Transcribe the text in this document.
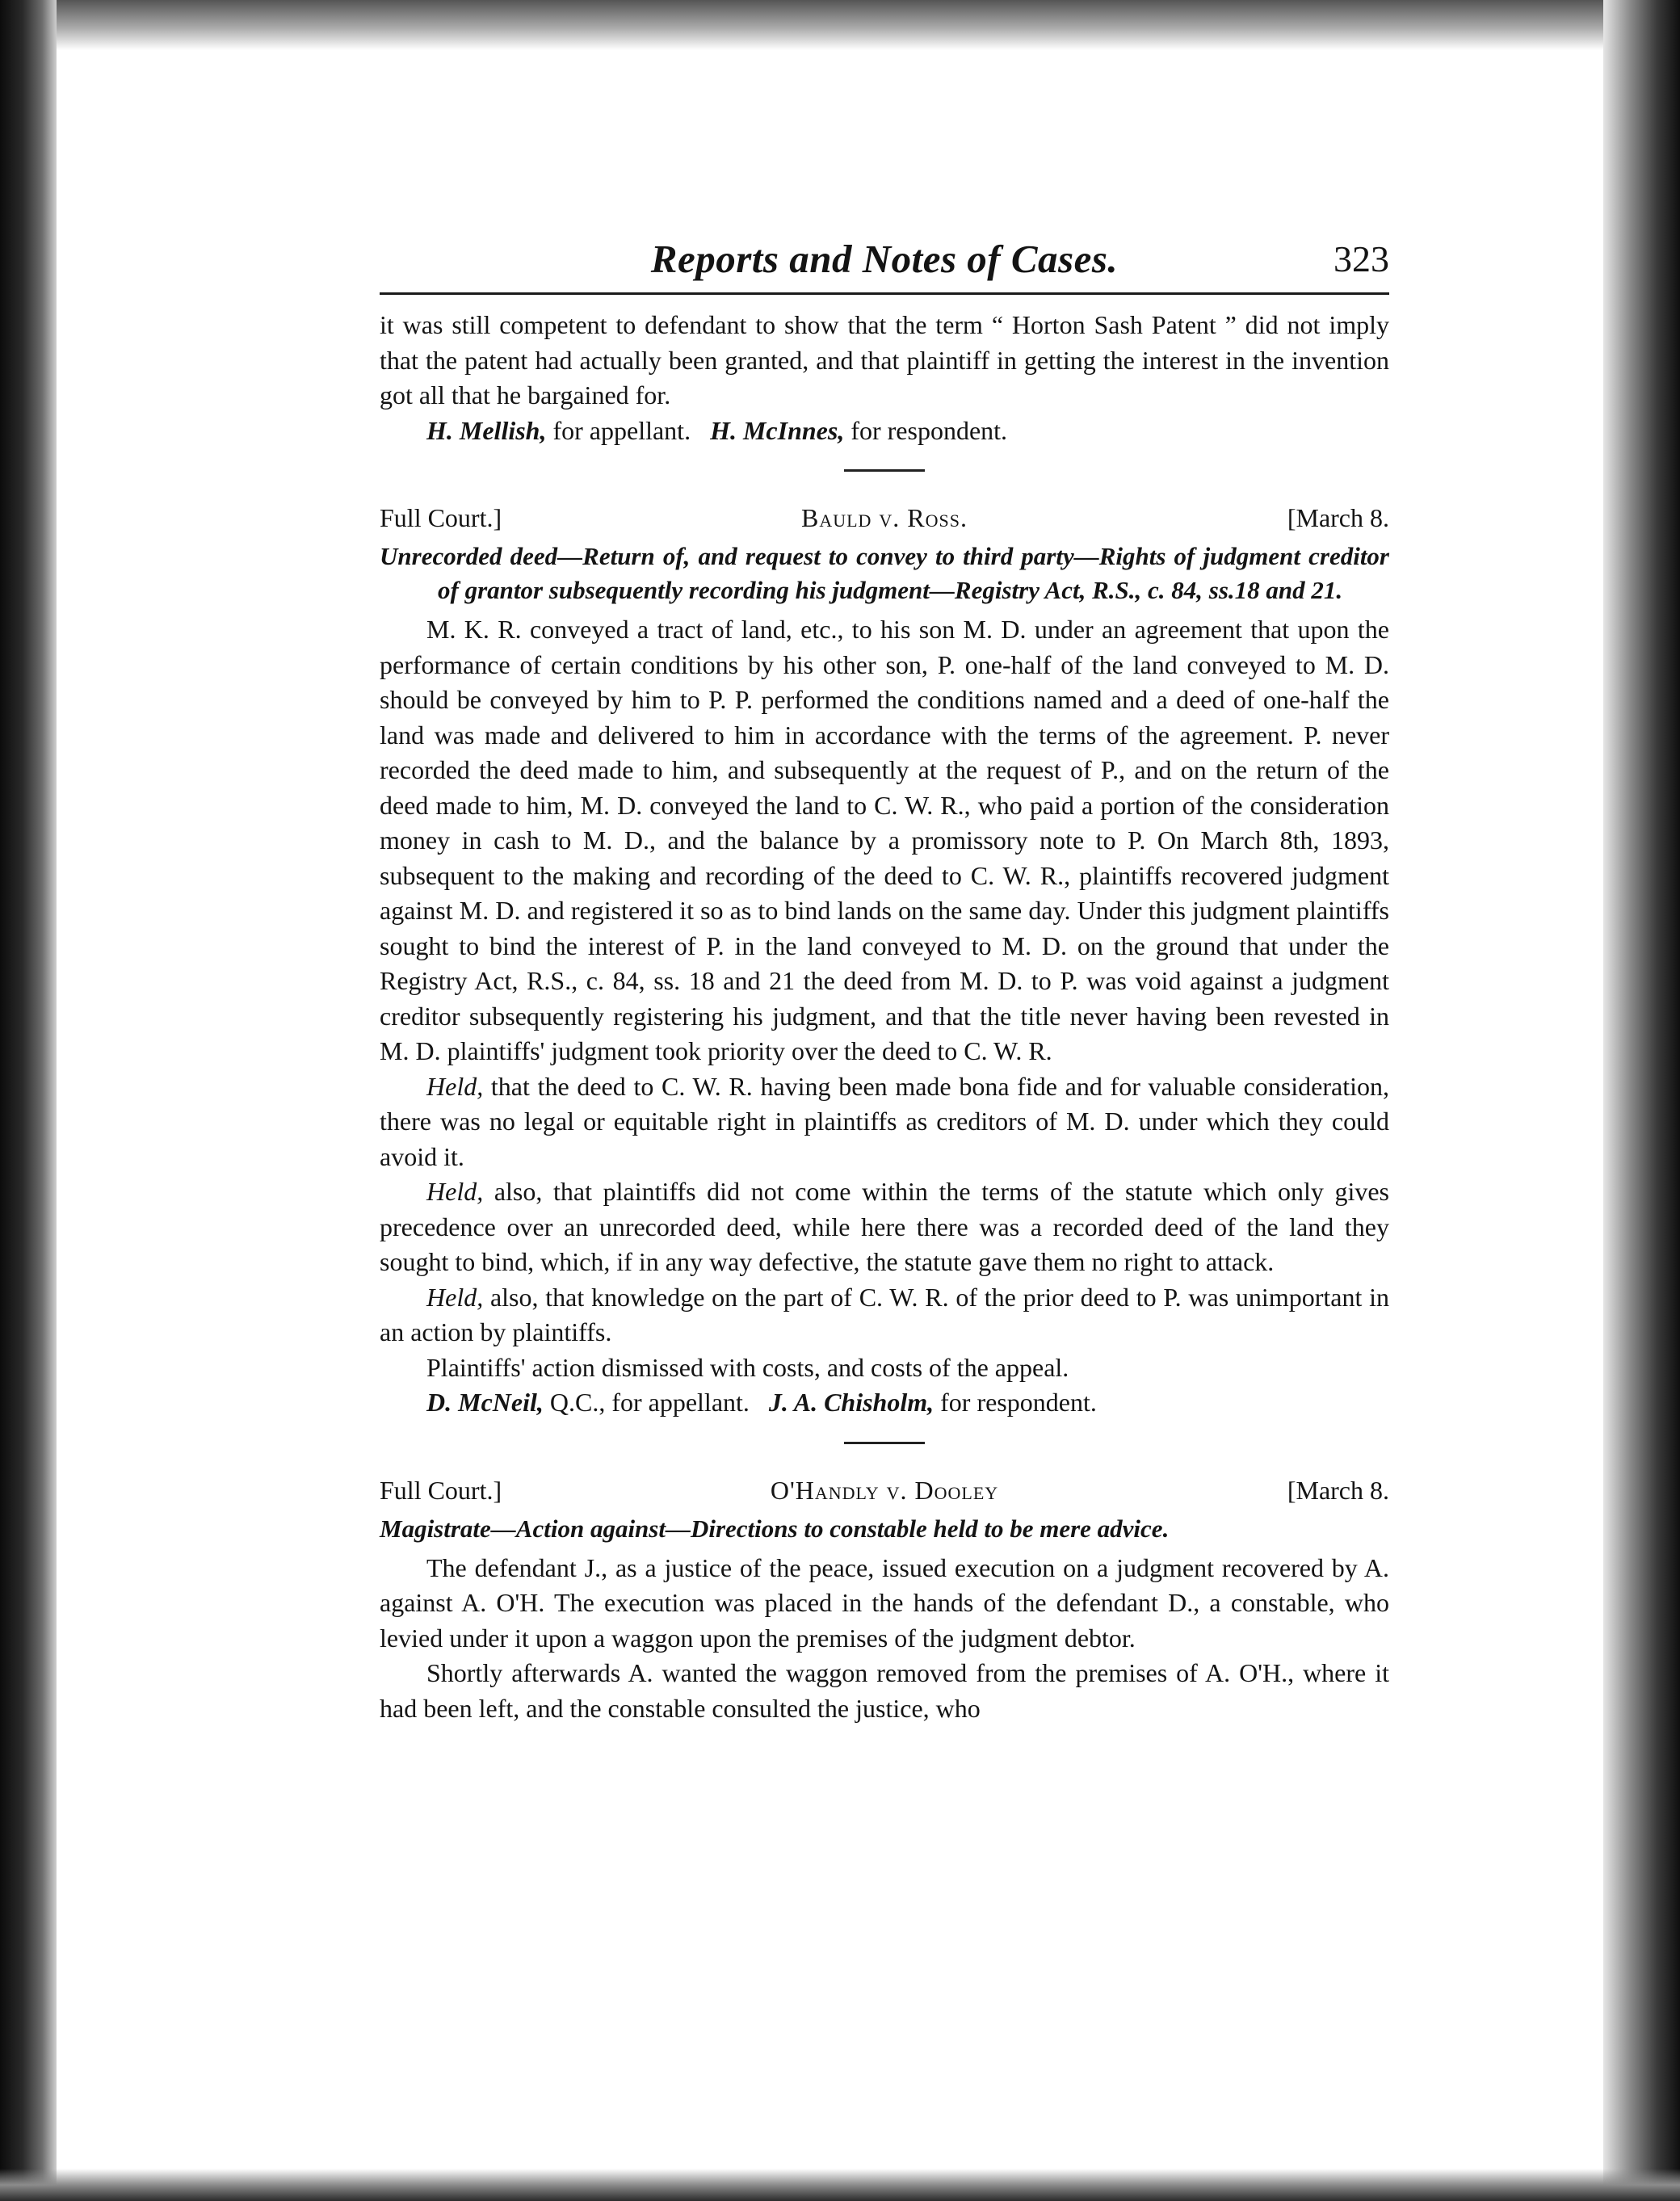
Reports and Notes of Cases.	323

it was still competent to defendant to show that the term “ Horton Sash Patent ” did not imply that the patent had actually been granted, and that plaintiff in getting the interest in the invention got all that he bargained for.

H. Mellish, for appellant. H. McInnes, for respondent.

Full Court.]	Bauld v. Ross.	[March 8.
Unrecorded deed—Return of, and request to convey to third party—Rights of judgment creditor of grantor subsequently recording his judgment—Registry Act, R.S., c. 84, ss.18 and 21.

M. K. R. conveyed a tract of land, etc., to his son M. D. under an agreement that upon the performance of certain conditions by his other son, P. one-half of the land conveyed to M. D. should be conveyed by him to P. P. performed the conditions named and a deed of one-half the land was made and delivered to him in accordance with the terms of the agreement. P. never recorded the deed made to him, and subsequently at the request of P., and on the return of the deed made to him, M. D. conveyed the land to C. W. R., who paid a portion of the consideration money in cash to M. D., and the balance by a promissory note to P. On March 8th, 1893, subsequent to the making and recording of the deed to C. W. R., plaintiffs recovered judgment against M. D. and registered it so as to bind lands on the same day. Under this judgment plaintiffs sought to bind the interest of P. in the land conveyed to M. D. on the ground that under the Registry Act, R.S., c. 84, ss. 18 and 21 the deed from M. D. to P. was void against a judgment creditor subsequently registering his judgment, and that the title never having been revested in M. D. plaintiffs' judgment took priority over the deed to C. W. R.

Held, that the deed to C. W. R. having been made bona fide and for valuable consideration, there was no legal or equitable right in plaintiffs as creditors of M. D. under which they could avoid it.

Held, also, that plaintiffs did not come within the terms of the statute which only gives precedence over an unrecorded deed, while here there was a recorded deed of the land they sought to bind, which, if in any way defective, the statute gave them no right to attack.

Held, also, that knowledge on the part of C. W. R. of the prior deed to P. was unimportant in an action by plaintiffs.

Plaintiffs' action dismissed with costs, and costs of the appeal.

D. McNeil, Q.C., for appellant. J. A. Chisholm, for respondent.

Full Court.]	O'Handly v. Dooley	[March 8.
Magistrate—Action against—Directions to constable held to be mere advice.

The defendant J., as a justice of the peace, issued execution on a judgment recovered by A. against A. O'H. The execution was placed in the hands of the defendant D., a constable, who levied under it upon a waggon upon the premises of the judgment debtor.

Shortly afterwards A. wanted the waggon removed from the premises of A. O'H., where it had been left, and the constable consulted the justice, who
